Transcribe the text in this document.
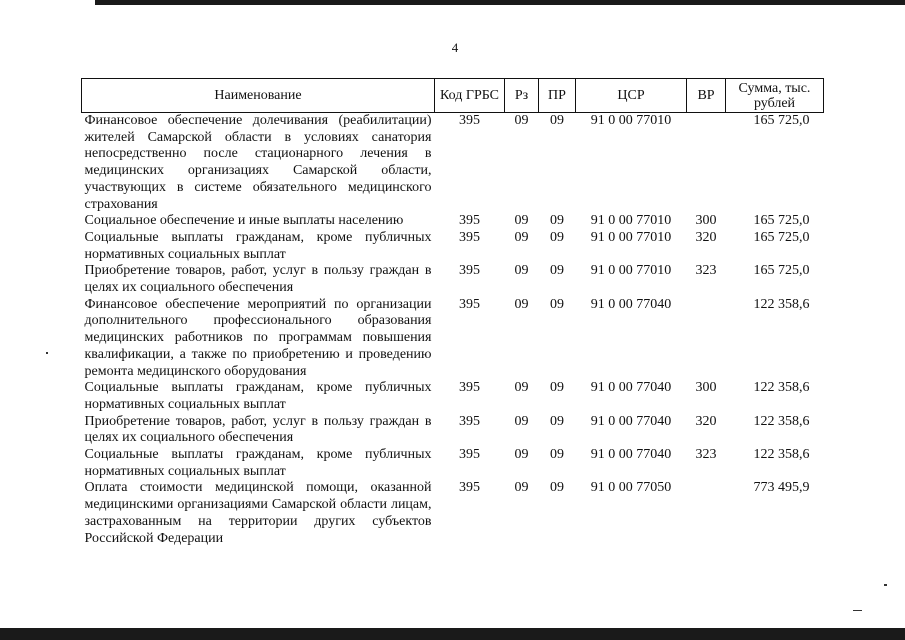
4
Наименование	Код ГРБС	Рз	ПР	ЦСР	ВР	Сумма, тыс. рублей
Финансовое обеспечение долечивания (реабилитации) жителей Самарской области в условиях санатория непосредственно после стационарного лечения в медицинских организациях Самарской области, участвующих в системе обязательного медицинского страхования	395	09	09	91 0 00 77010		165 725,0
Социальное обеспечение и иные выплаты населению	395	09	09	91 0 00 77010	300	165 725,0
Социальные выплаты гражданам, кроме публичных нормативных социальных выплат	395	09	09	91 0 00 77010	320	165 725,0
Приобретение товаров, работ, услуг в пользу граждан в целях их социального обеспечения	395	09	09	91 0 00 77010	323	165 725,0
Финансовое обеспечение мероприятий по организации дополнительного профессионального образования медицинских работников по программам повышения квалификации, а также по приобретению и проведению ремонта медицинского оборудования	395	09	09	91 0 00 77040		122 358,6
Социальные выплаты гражданам, кроме публичных нормативных социальных выплат	395	09	09	91 0 00 77040	300	122 358,6
Приобретение товаров, работ, услуг в пользу граждан в целях их социального обеспечения	395	09	09	91 0 00 77040	320	122 358,6
Социальные выплаты гражданам, кроме публичных нормативных социальных выплат	395	09	09	91 0 00 77040	323	122 358,6
Оплата стоимости медицинской помощи, оказанной медицинскими организациями Самарской области лицам, застрахованным на территории других субъектов Российской Федерации	395	09	09	91 0 00 77050		773 495,9
